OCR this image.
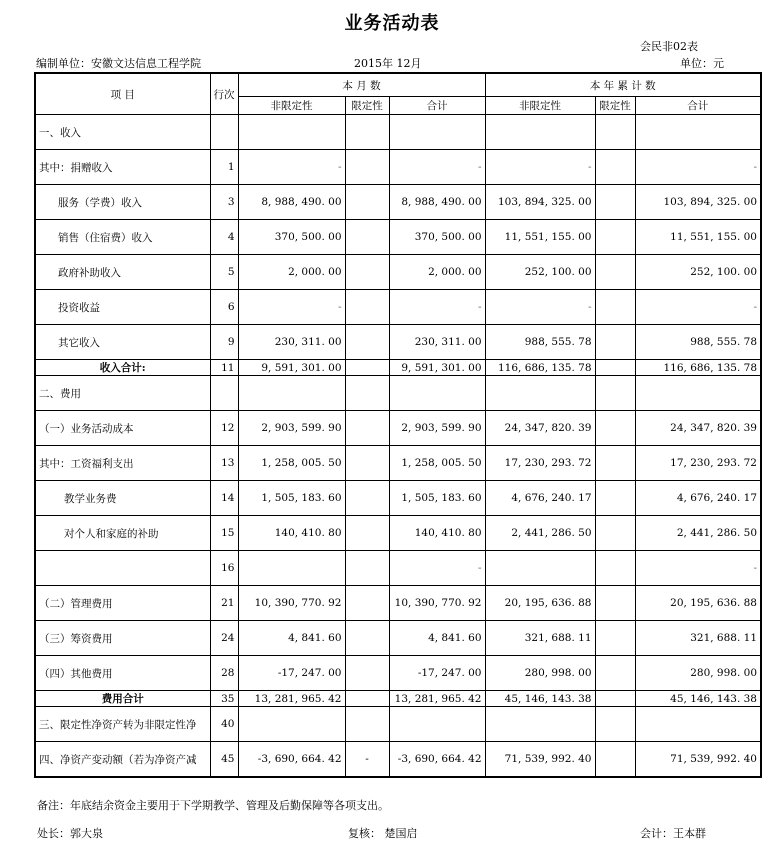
业务活动表
会民非02表
编制单位：安徽文达信息工程学院	2015年 12月	单位：元
项 目	行次	本 月 数			本 年 累 计 数		
		非限定性	限定性	合计	非限定性	限定性	合计
一、收入							
其中：捐赠收入	1	-		-	-		-
服务（学费）收入	3	8, 988, 490. 00		8, 988, 490. 00	103, 894, 325. 00		103, 894, 325. 00
销售（住宿费）收入	4	370, 500. 00		370, 500. 00	11, 551, 155. 00		11, 551, 155. 00
政府补助收入	5	2, 000. 00		2, 000. 00	252, 100. 00		252, 100. 00
投资收益	6	-		-	-		-
其它收入	9	230, 311. 00		230, 311. 00	988, 555. 78		988, 555. 78
收入合计:	11	9, 591, 301. 00		9, 591, 301. 00	116, 686, 135. 78		116, 686, 135. 78
二、费用							
（一）业务活动成本	12	2, 903, 599. 90		2, 903, 599. 90	24, 347, 820. 39		24, 347, 820. 39
其中：工资福利支出	13	1, 258, 005. 50		1, 258, 005. 50	17, 230, 293. 72		17, 230, 293. 72
教学业务费	14	1, 505, 183. 60		1, 505, 183. 60	4, 676, 240. 17		4, 676, 240. 17
对个人和家庭的补助	15	140, 410. 80		140, 410. 80	2, 441, 286. 50		2, 441, 286. 50
	16			-			-
（二）管理费用	21	10, 390, 770. 92		10, 390, 770. 92	20, 195, 636. 88		20, 195, 636. 88
（三）筹资费用	24	4, 841. 60		4, 841. 60	321, 688. 11		321, 688. 11
（四）其他费用	28	-17, 247. 00		-17, 247. 00	280, 998. 00		280, 998. 00
费用合计	35	13, 281, 965. 42		13, 281, 965. 42	45, 146, 143. 38		45, 146, 143. 38
三、限定性净资产转为非限定性净	40						
四、净资产变动额（若为净资产减	45	-3, 690, 664. 42	-	-3, 690, 664. 42	71, 539, 992. 40		71, 539, 992. 40
备注：年底结余资金主要用于下学期教学、管理及后勤保障等各项支出。
处长：郭大泉	复核： 楚国启	会计：王本群
